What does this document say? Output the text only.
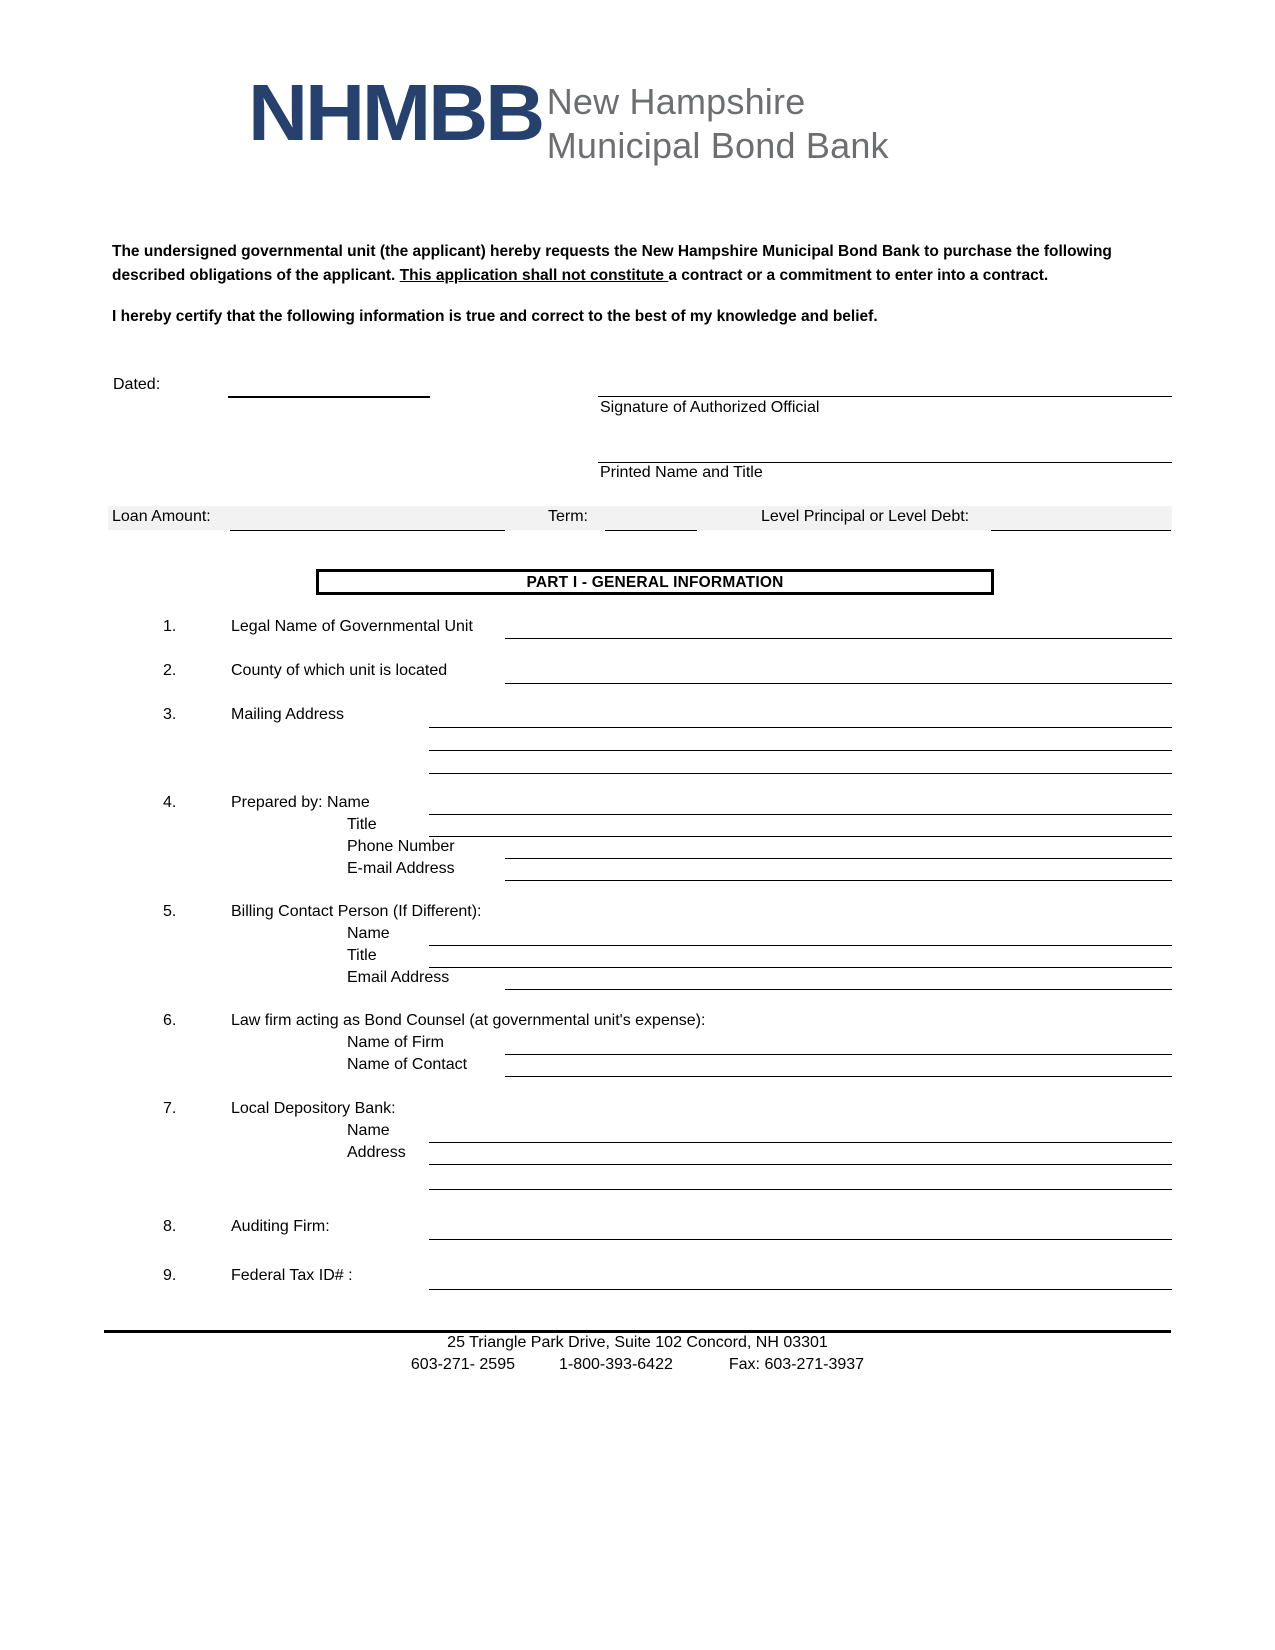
NHMBB New Hampshire
Municipal Bond Bank
The undersigned governmental unit (the applicant) hereby requests the New Hampshire Municipal Bond Bank to purchase the following described obligations of the applicant. This application shall not constitute a contract or a commitment to enter into a contract.
I hereby certify that the following information is true and correct to the best of my knowledge and belief.
Dated:
Signature of Authorized Official
Printed Name and Title
Loan Amount:	Term:	Level Principal or Level Debt:
PART I - GENERAL INFORMATION
1.	Legal Name of Governmental Unit
2.	County of which unit is located
3.	Mailing Address
4.	Prepared by: Name
Title
Phone Number
E-mail Address
5.	Billing Contact Person (If Different):
Name
Title
Email Address
6.	Law firm acting as Bond Counsel (at governmental unit's expense):
Name of Firm
Name of Contact
7.	Local Depository Bank:
Name
Address
8.	Auditing Firm:
9.	Federal Tax ID# :
25 Triangle Park Drive, Suite 102 Concord, NH 03301
603-271- 2595	1-800-393-6422	Fax: 603-271-3937
